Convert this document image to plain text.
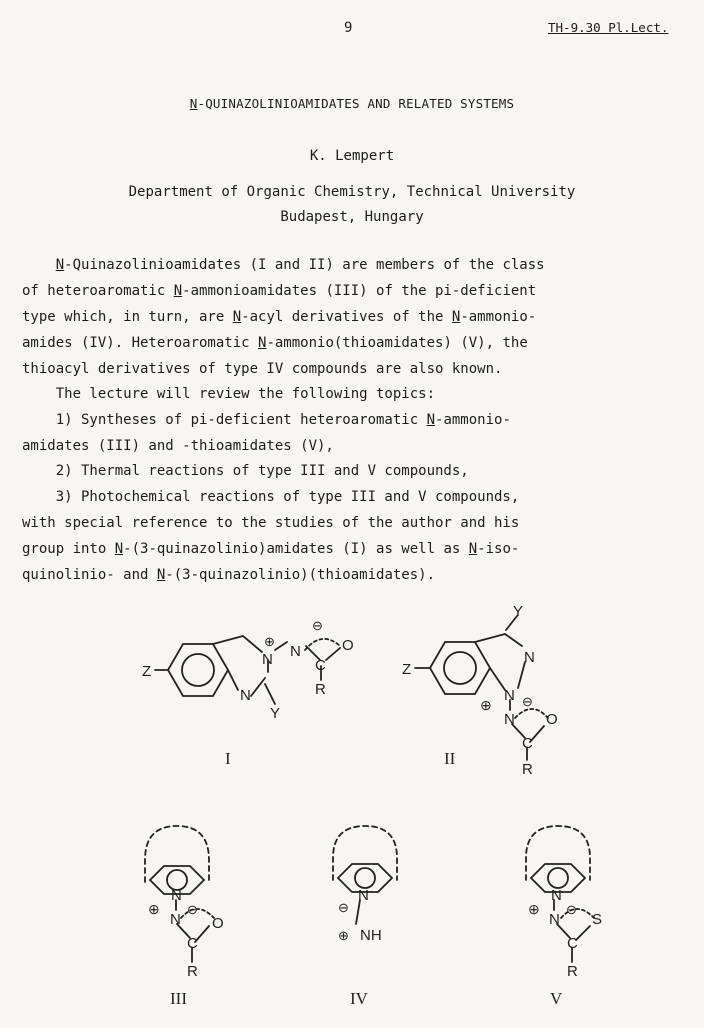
9	TH-9.30 Pl.Lect.
N-QUINAZOLINIOAMIDATES AND RELATED SYSTEMS
K. Lempert
Department of Organic Chemistry, Technical University
Budapest, Hungary
N-Quinazolinioamidates (I and II) are members of the class
of heteroaromatic N-ammonioamidates (III) of the pi-deficient
type which, in turn, are N-acyl derivatives of the N-ammonio-
amides (IV). Heteroaromatic N-ammonio(thioamidates) (V), the
thioacyl derivatives of type IV compounds are also known.
The lecture will review the following topics:
1) Syntheses of pi-deficient heteroaromatic N-ammonio-
amidates (III) and -thioamidates (V),
2) Thermal reactions of type III and V compounds,
3) Photochemical reactions of type III and V compounds,
with special reference to the studies of the author and his
group into N-(3-quinazolinio)amidates (I) as well as N-iso-
quinolinio- and N-(3-quinazolinio)(thioamidates).
Z
⊕
N
N
Y
N
⊖
C
O
R
I
Z
N
Y
N
⊕
N
⊖
C
O
R
II
N
⊕
N
⊖
C
O
R
III
N
⊖
⊕ NH
IV
N
⊕
N
⊖
C
S
R
V
